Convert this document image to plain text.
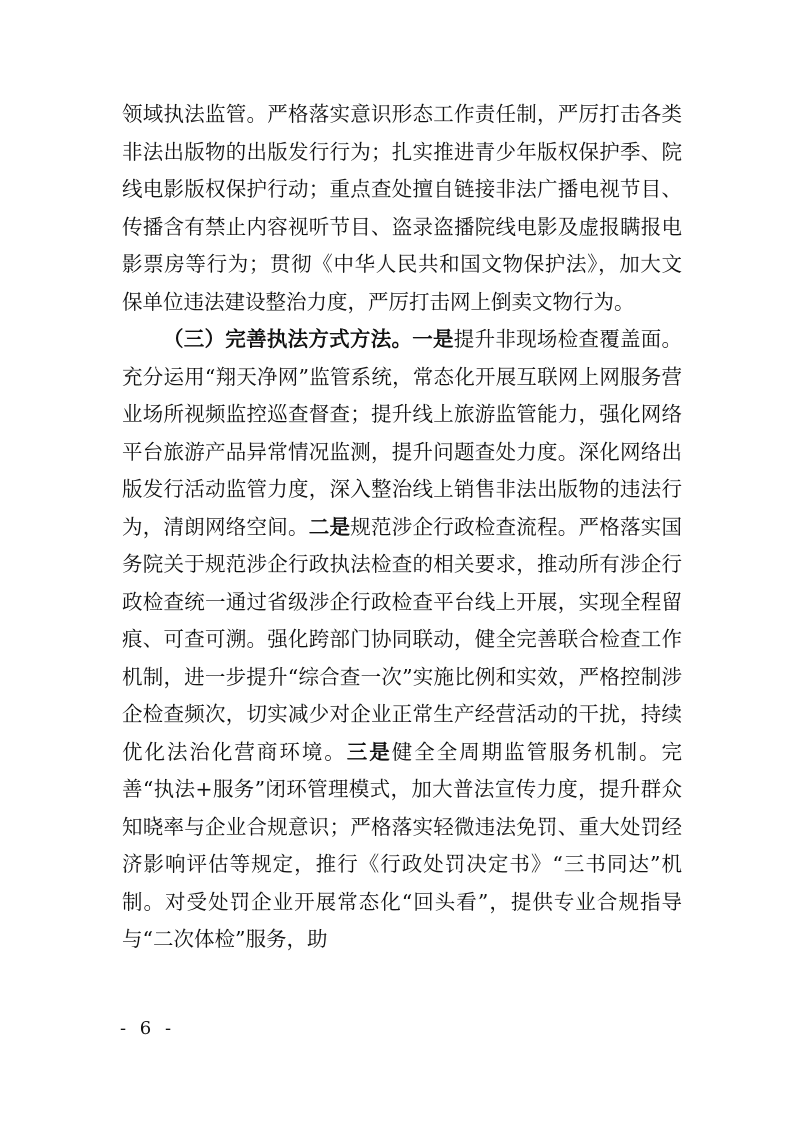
领域执法监管。严格落实意识形态工作责任制，严厉打击各类非法出版物的出版发行行为；扎实推进青少年版权保护季、院线电影版权保护行动；重点查处擅自链接非法广播电视节目、传播含有禁止内容视听节目、盗录盗播院线电影及虚报瞒报电影票房等行为；贯彻《中华人民共和国文物保护法》，加大文保单位违法建设整治力度，严厉打击网上倒卖文物行为。

（三）完善执法方式方法。一是提升非现场检查覆盖面。充分运用“翔天净网”监管系统，常态化开展互联网上网服务营业场所视频监控巡查督查；提升线上旅游监管能力，强化网络平台旅游产品异常情况监测，提升问题查处力度。深化网络出版发行活动监管力度，深入整治线上销售非法出版物的违法行为，清朗网络空间。二是规范涉企行政检查流程。严格落实国务院关于规范涉企行政执法检查的相关要求，推动所有涉企行政检查统一通过省级涉企行政检查平台线上开展，实现全程留痕、可查可溯。强化跨部门协同联动，健全完善联合检查工作机制，进一步提升“综合查一次”实施比例和实效，严格控制涉企检查频次，切实减少对企业正常生产经营活动的干扰，持续优化法治化营商环境。三是健全全周期监管服务机制。完善“执法+服务”闭环管理模式，加大普法宣传力度，提升群众知晓率与企业合规意识；严格落实轻微违法免罚、重大处罚经济影响评估等规定，推行《行政处罚决定书》“三书同达”机制。对受处罚企业开展常态化“回头看”，提供专业合规指导与“二次体检”服务，助

- 6 -
